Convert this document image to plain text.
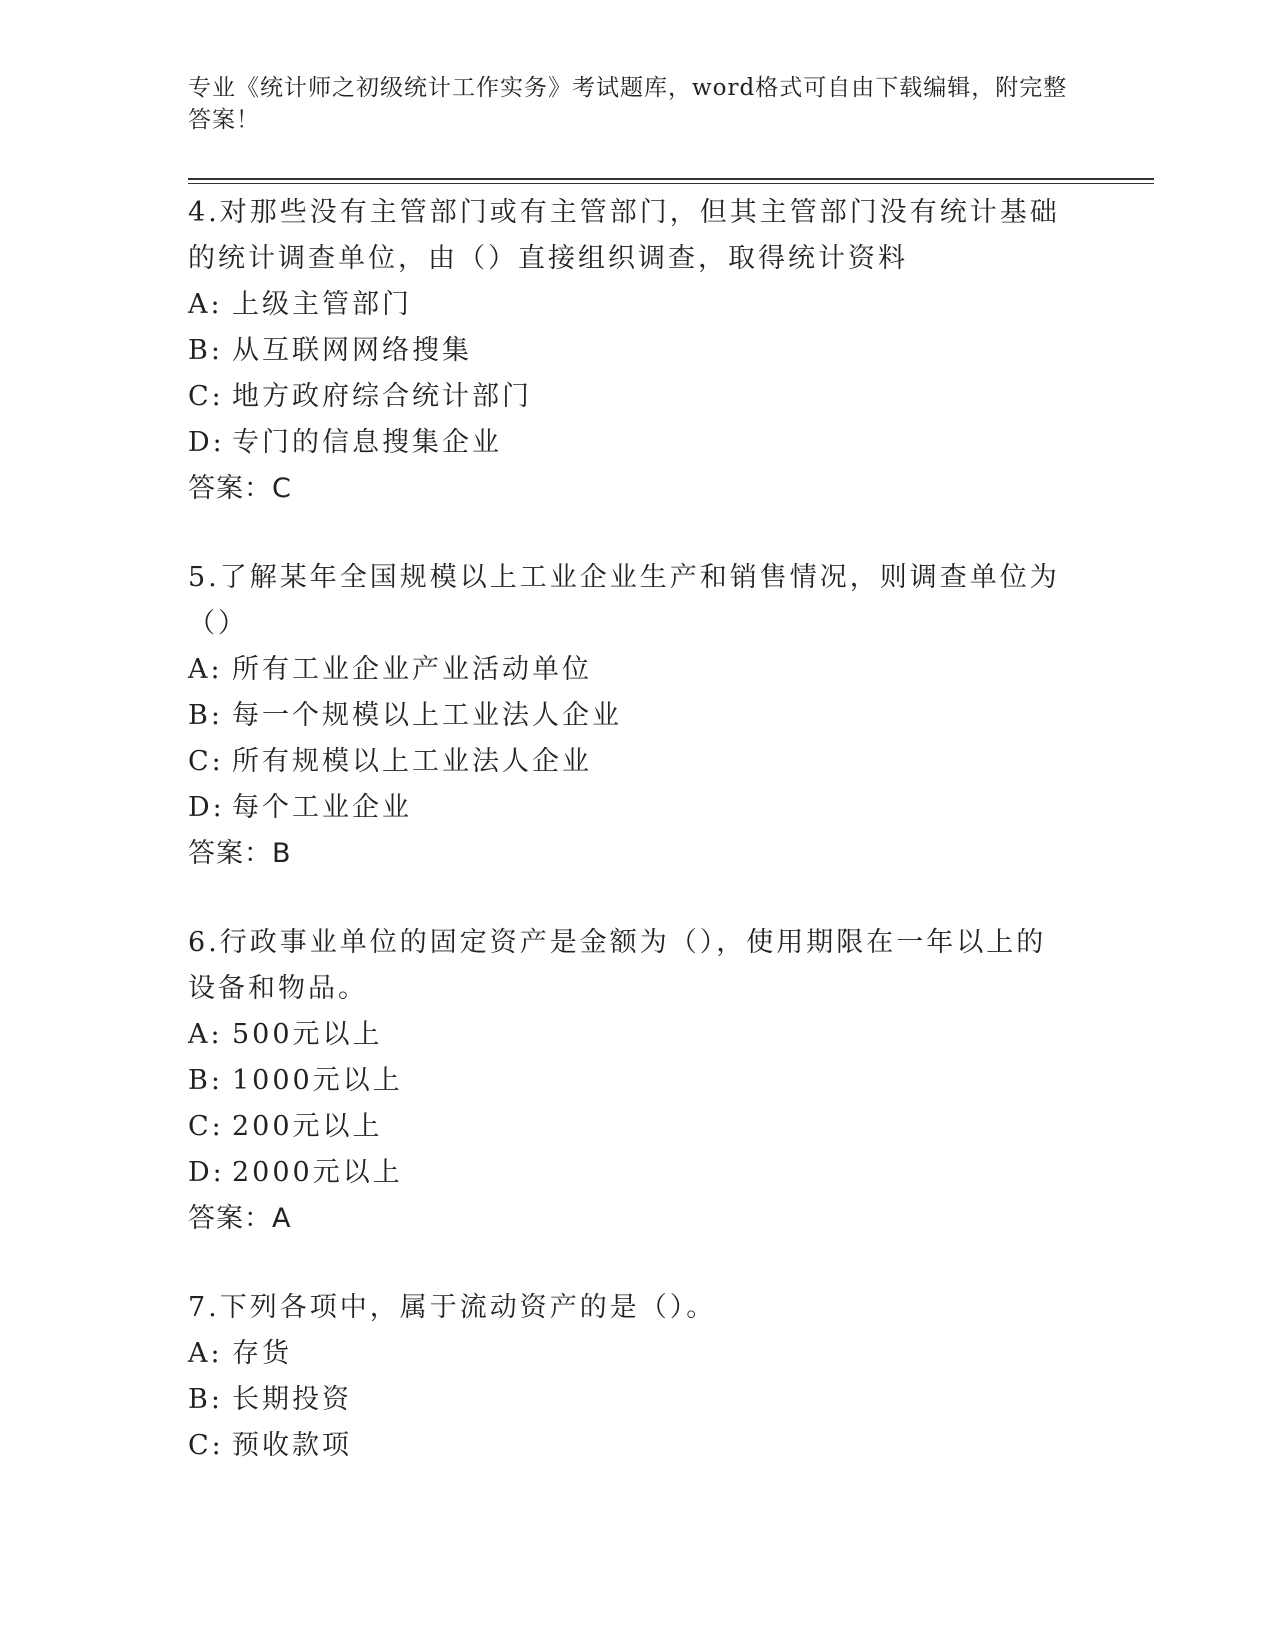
专业《统计师之初级统计工作实务》考试题库，word格式可自由下载编辑，附完整答案！
4.对那些没有主管部门或有主管部门，但其主管部门没有统计基础的统计调查单位，由（）直接组织调查，取得统计资料
A: 上级主管部门
B: 从互联网网络搜集
C: 地方政府综合统计部门
D: 专门的信息搜集企业
答案：C
5.了解某年全国规模以上工业企业生产和销售情况，则调查单位为（）
A: 所有工业企业产业活动单位
B: 每一个规模以上工业法人企业
C: 所有规模以上工业法人企业
D: 每个工业企业
答案：B
6.行政事业单位的固定资产是金额为（），使用期限在一年以上的设备和物品。
A: 500元以上
B: 1000元以上
C: 200元以上
D: 2000元以上
答案：A
7.下列各项中，属于流动资产的是（）。
A: 存货
B: 长期投资
C: 预收款项
